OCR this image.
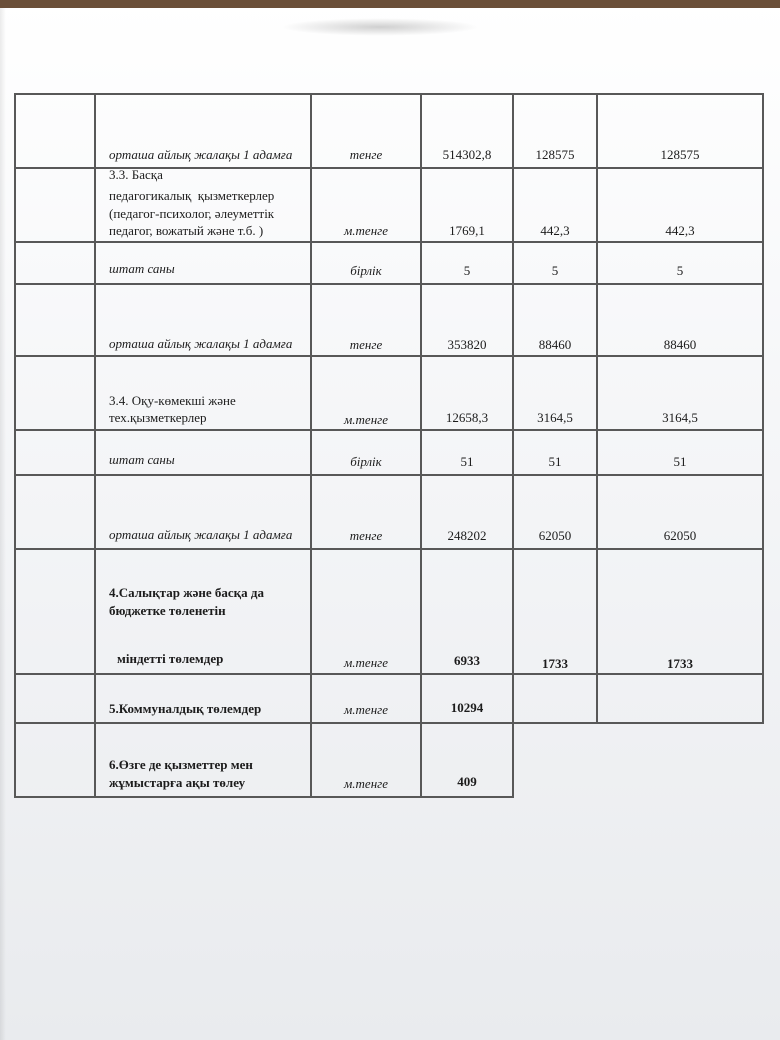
орташа айлық жалақы 1 адамға	тенге	514302,8	128575	128575
3.3. Басқа
педагогикалық  қызметкерлер
(педагог-психолог, әлеуметтік
педагог, вожатый және т.б. )	м.тенге	1769,1	442,3	442,3
штат саны	бірлік	5	5	5
орташа айлық жалақы 1 адамға	тенге	353820	88460	88460
3.4. Оқу-көмекші және
тех.қызметкерлер	м.тенге	12658,3	3164,5	3164,5
штат саны	бірлік	51	51	51
орташа айлық жалақы 1 адамға	тенге	248202	62050	62050
4.Салықтар және басқа да
бюджетке төленетін
міндетті төлемдер	м.тенге	6933	1733	1733
5.Коммуналдық төлемдер	м.тенге	10294
6.Өзге де қызметтер мен
жұмыстарға ақы төлеу	м.тенге	409
